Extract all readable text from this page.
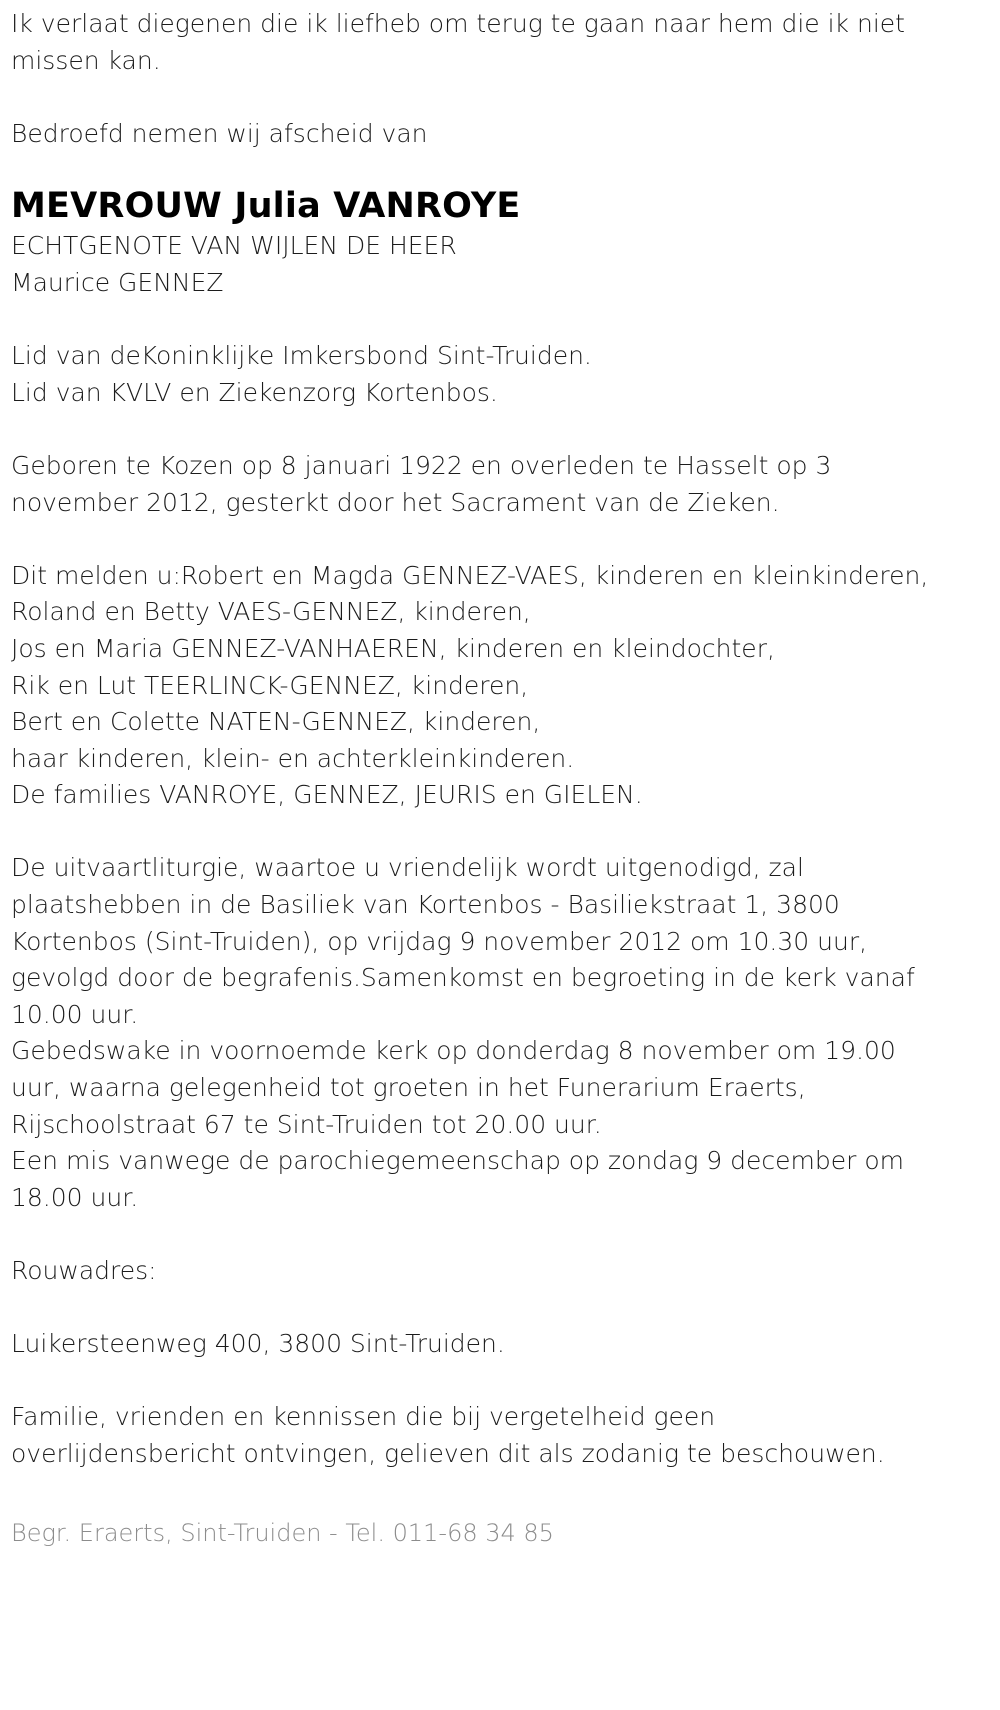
Ik verlaat diegenen die ik liefheb om terug te gaan naar hem die ik niet
missen kan.
Bedroefd nemen wij afscheid van
MEVROUW Julia VANROYE
ECHTGENOTE VAN WIJLEN DE HEER
Maurice GENNEZ
Lid van deKoninklijke Imkersbond Sint-Truiden.
Lid van KVLV en Ziekenzorg Kortenbos.
Geboren te Kozen op 8 januari 1922 en overleden te Hasselt op 3
november 2012, gesterkt door het Sacrament van de Zieken.
Dit melden u:Robert en Magda GENNEZ-VAES, kinderen en kleinkinderen,
Roland en Betty VAES-GENNEZ, kinderen,
Jos en Maria GENNEZ-VANHAEREN, kinderen en kleindochter,
Rik en Lut TEERLINCK-GENNEZ, kinderen,
Bert en Colette NATEN-GENNEZ, kinderen,
haar kinderen, klein- en achterkleinkinderen.
De families VANROYE, GENNEZ, JEURIS en GIELEN.
De uitvaartliturgie, waartoe u vriendelijk wordt uitgenodigd, zal
plaatshebben in de Basiliek van Kortenbos - Basiliekstraat 1, 3800
Kortenbos (Sint-Truiden), op vrijdag 9 november 2012 om 10.30 uur,
gevolgd door de begrafenis.Samenkomst en begroeting in de kerk vanaf
10.00 uur.
Gebedswake in voornoemde kerk op donderdag 8 november om 19.00
uur, waarna gelegenheid tot groeten in het Funerarium Eraerts,
Rijschoolstraat 67 te Sint-Truiden tot 20.00 uur.
Een mis vanwege de parochiegemeenschap op zondag 9 december om
18.00 uur.
Rouwadres:
Luikersteenweg 400, 3800 Sint-Truiden.
Familie, vrienden en kennissen die bij vergetelheid geen
overlijdensbericht ontvingen, gelieven dit als zodanig te beschouwen.
Begr. Eraerts, Sint-Truiden - Tel. 011-68 34 85
